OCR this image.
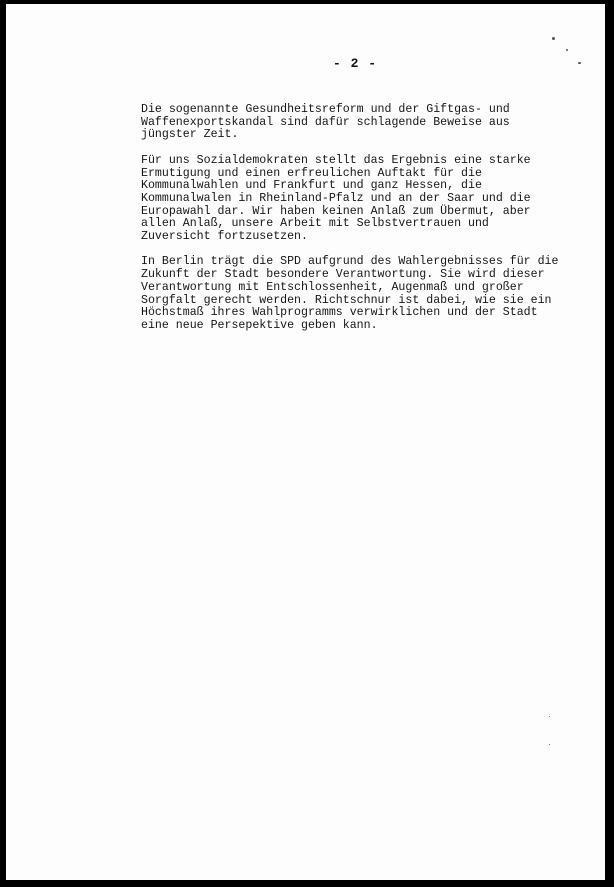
- 2 -

Die sogenannte Gesundheitsreform und der Giftgas- und
Waffenexportskandal sind dafür schlagende Beweise aus
jüngster Zeit.

Für uns Sozialdemokraten stellt das Ergebnis eine starke
Ermutigung und einen erfreulichen Auftakt für die
Kommunalwahlen und Frankfurt und ganz Hessen, die
Kommunalwalen in Rheinland-Pfalz und an der Saar und die
Europawahl dar. Wir haben keinen Anlaß zum Übermut, aber
allen Anlaß, unsere Arbeit mit Selbstvertrauen und
Zuversicht fortzusetzen.

In Berlin trägt die SPD aufgrund des Wahlergebnisses für die
Zukunft der Stadt besondere Verantwortung. Sie wird dieser
Verantwortung mit Entschlossenheit, Augenmaß und großer
Sorgfalt gerecht werden. Richtschnur ist dabei, wie sie ein
Höchstmaß ihres Wahlprogramms verwirklichen und der Stadt
eine neue Persepektive geben kann.
